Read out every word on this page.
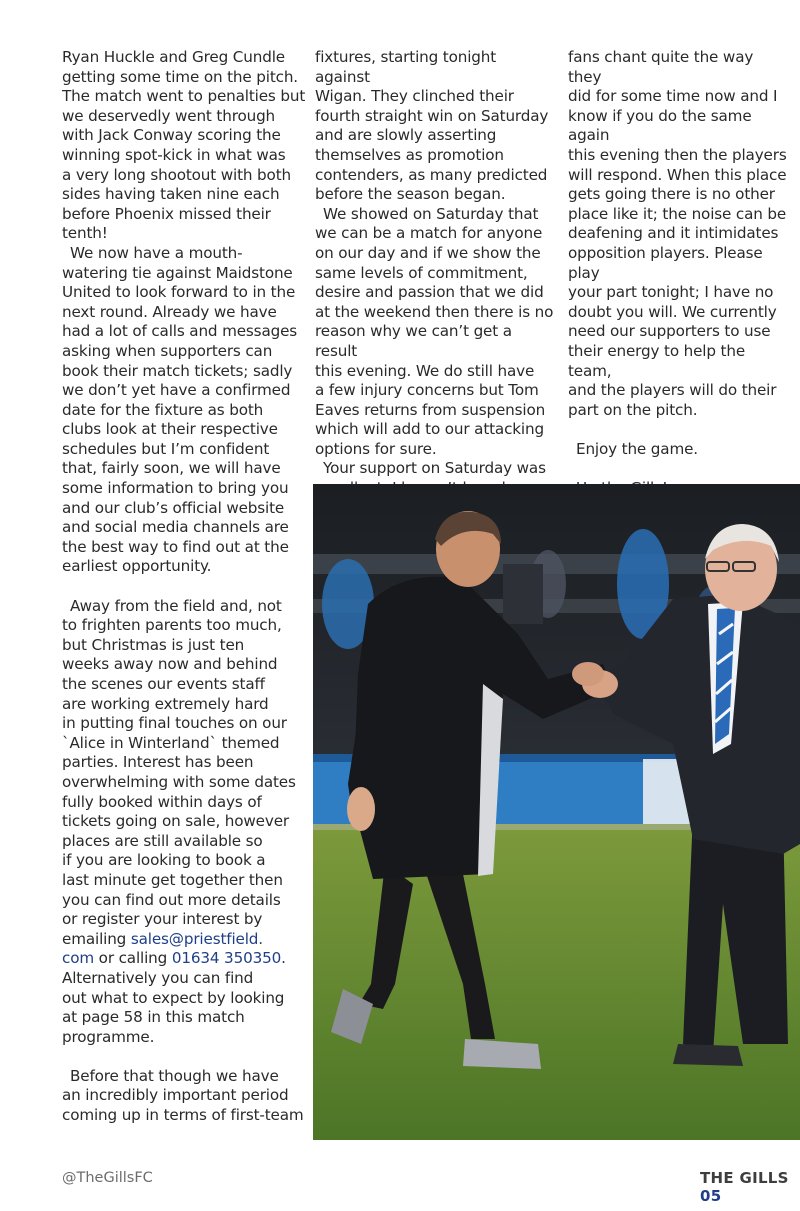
Ryan Huckle and Greg Cundle
getting some time on the pitch.
The match went to penalties but
we deservedly went through
with Jack Conway scoring the
winning spot-kick in what was
a very long shootout with both
sides having taken nine each
before Phoenix missed their
tenth!

We now have a mouth-
watering tie against Maidstone
United to look forward to in the
next round. Already we have
had a lot of calls and messages
asking when supporters can
book their match tickets; sadly
we don’t yet have a confirmed
date for the fixture as both
clubs look at their respective
schedules but I’m confident
that, fairly soon, we will have
some information to bring you
and our club’s official website
and social media channels are
the best way to find out at the
earliest opportunity.

Away from the field and, not
to frighten parents too much,
but Christmas is just ten
weeks away now and behind
the scenes our events staff
are working extremely hard
in putting final touches on our
`Alice in Winterland` themed
parties. Interest has been
overwhelming with some dates
fully booked within days of
tickets going on sale, however
places are still available so
if you are looking to book a
last minute get together then
you can find out more details
or register your interest by
emailing sales@priestfield.
com or calling 01634 350350.
Alternatively you can find
out what to expect by looking
at page 58 in this match
programme.

Before that though we have
an incredibly important period
coming up in terms of first-team

fixtures, starting tonight against
Wigan. They clinched their
fourth straight win on Saturday
and are slowly asserting
themselves as promotion
contenders, as many predicted
before the season began.

We showed on Saturday that
we can be a match for anyone
on our day and if we show the
same levels of commitment,
desire and passion that we did
at the weekend then there is no
reason why we can’t get a result
this evening. We do still have
a few injury concerns but Tom
Eaves returns from suspension
which will add to our attacking
options for sure.

Your support on Saturday was

fans chant quite the way they
did for some time now and I
know if you do the same again
this evening then the players
will respond. When this place
gets going there is no other
place like it; the noise can be
deafening and it intimidates
opposition players. Please play
your part tonight; I have no
doubt you will. We currently
need our supporters to use
their energy to help the team,
and the players will do their
part on the pitch.

Enjoy the game.

@TheGillsFC	THE GILLS 05
